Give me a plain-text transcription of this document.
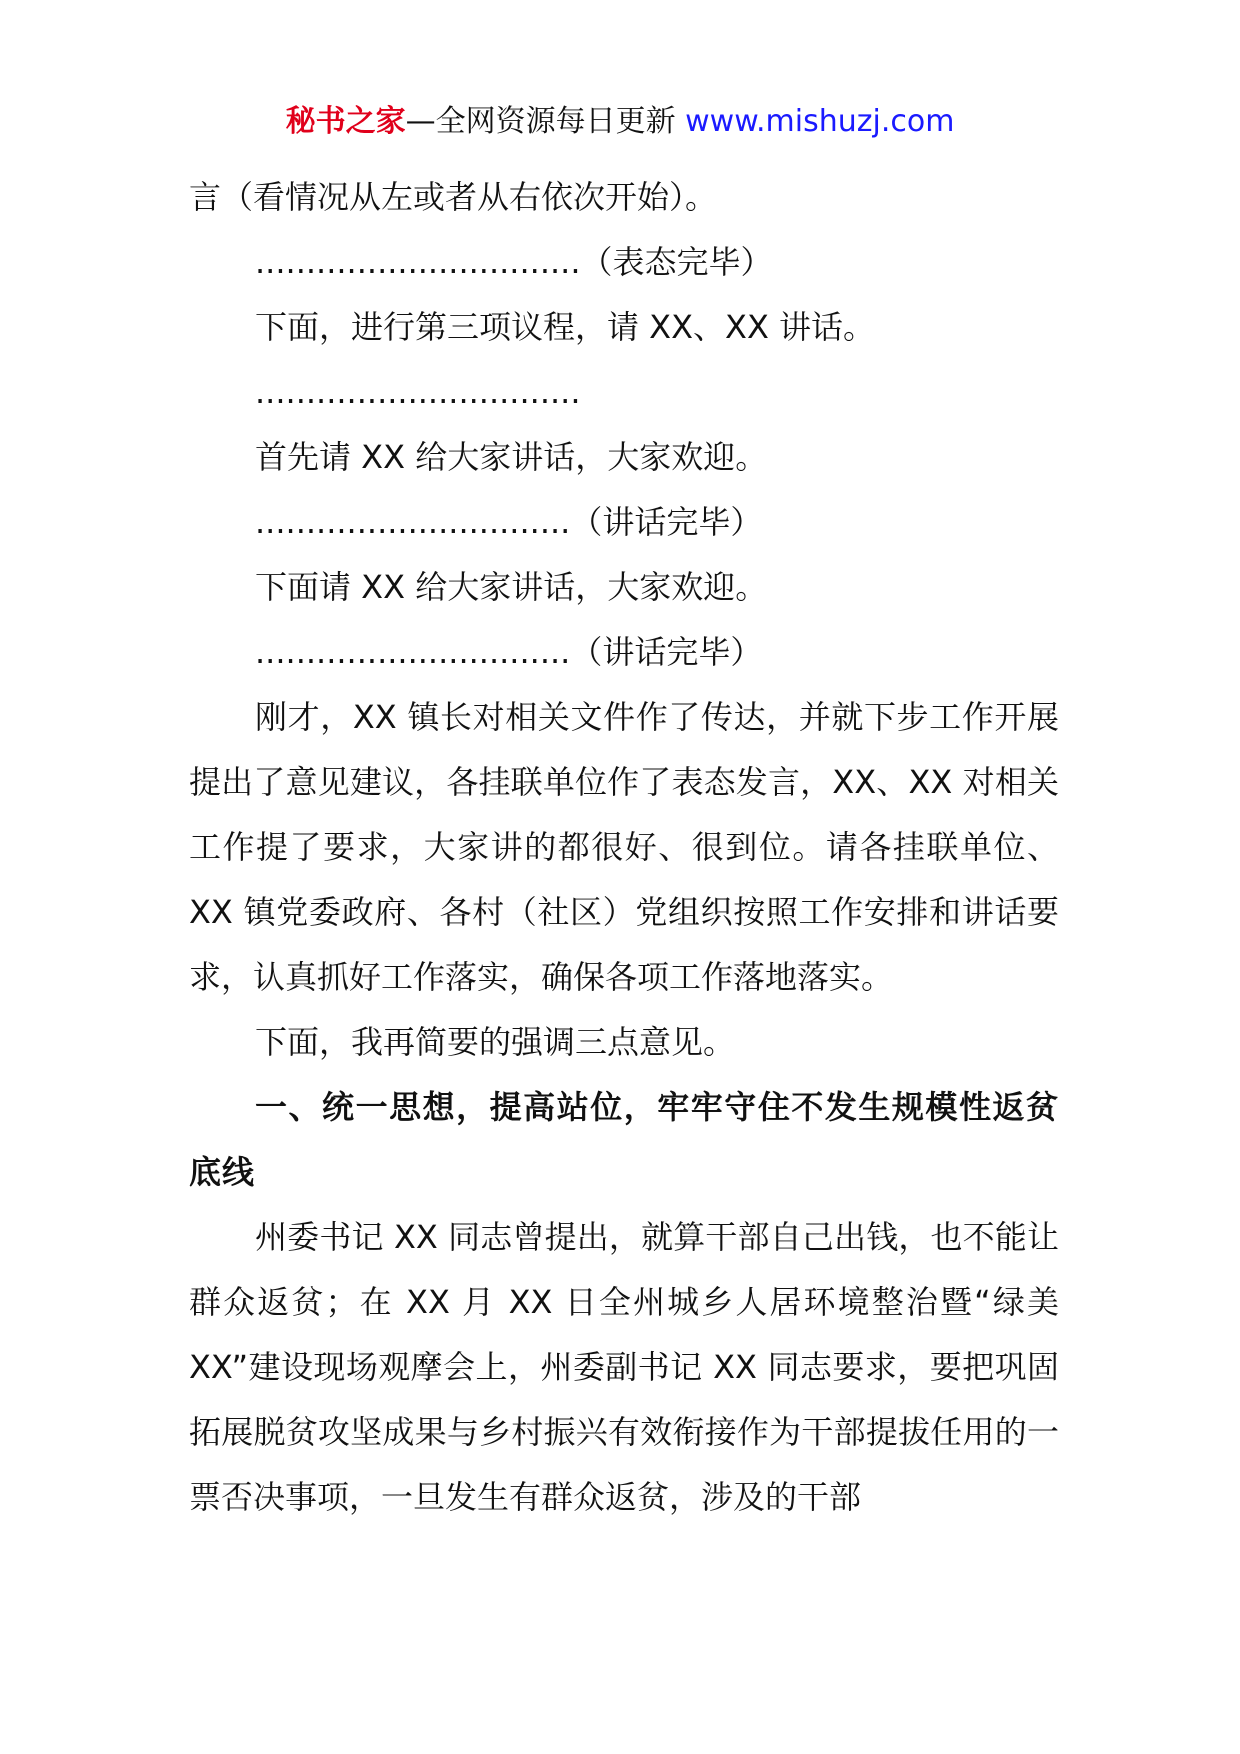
秘书之家—全网资源每日更新 www.mishuzj.com

言（看情况从左或者从右依次开始）。

................................（表态完毕）

下面，进行第三项议程，请 XX、XX 讲话。

................................

首先请 XX 给大家讲话，大家欢迎。

...............................（讲话完毕）

下面请 XX 给大家讲话，大家欢迎。

...............................（讲话完毕）

刚才，XX 镇长对相关文件作了传达，并就下步工作开展提出了意见建议，各挂联单位作了表态发言，XX、XX 对相关工作提了要求，大家讲的都很好、很到位。请各挂联单位、XX 镇党委政府、各村（社区）党组织按照工作安排和讲话要求，认真抓好工作落实，确保各项工作落地落实。

下面，我再简要的强调三点意见。

一、统一思想，提高站位，牢牢守住不发生规模性返贫底线

州委书记 XX 同志曾提出，就算干部自己出钱，也不能让群众返贫；在 XX 月 XX 日全州城乡人居环境整治暨“绿美 XX”建设现场观摩会上，州委副书记 XX 同志要求，要把巩固拓展脱贫攻坚成果与乡村振兴有效衔接作为干部提拔任用的一票否决事项，一旦发生有群众返贫，涉及的干部
